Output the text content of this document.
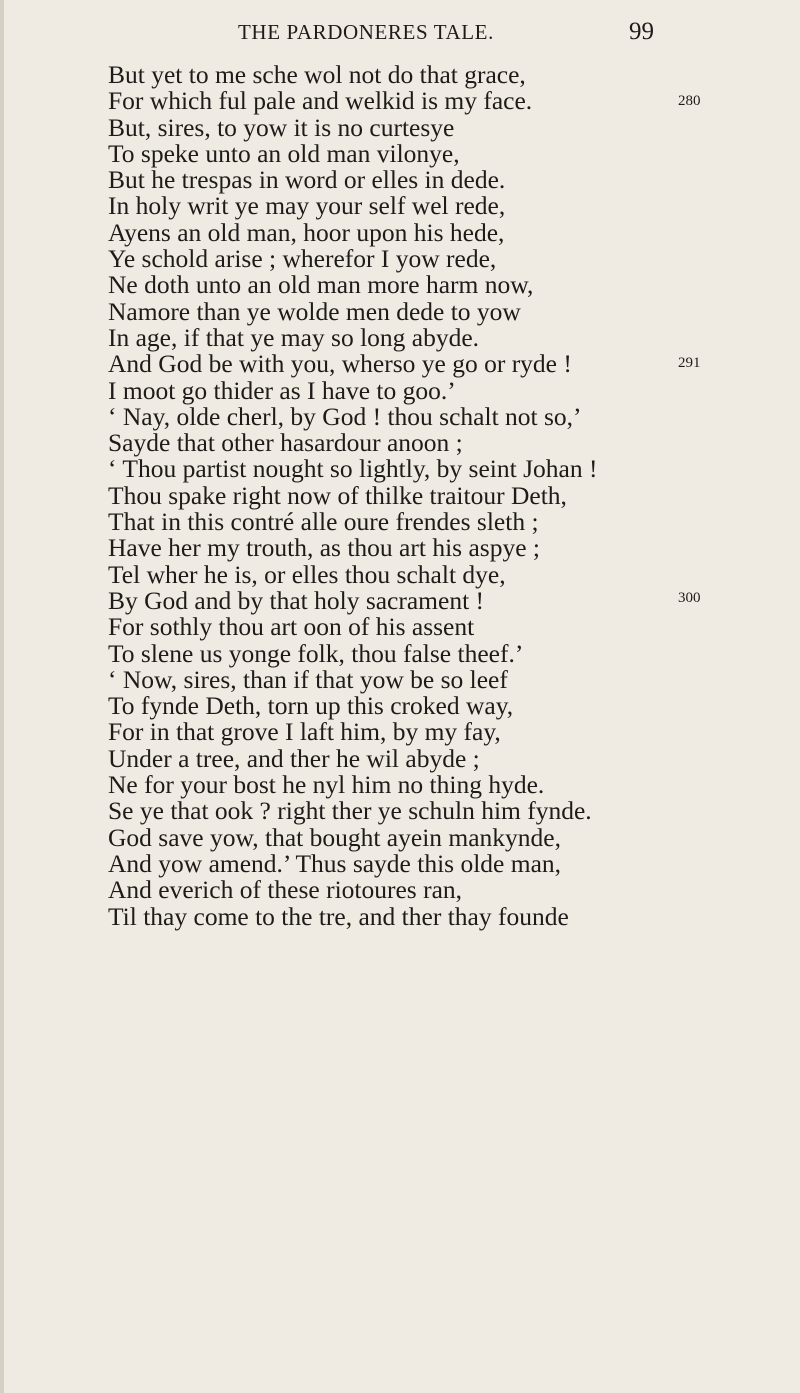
THE PARDONERES TALE.	99
But yet to me sche wol not do that grace,
For which ful pale and welkid is my face.
But, sires, to yow it is no curtesye
To speke unto an old man vilonye,
But he trespas in word or elles in dede.
In holy writ ye may your self wel rede,
Ayens an old man, hoor upon his hede,
Ye schold arise ; wherefor I yow rede,
Ne doth unto an old man more harm now,
Namore than ye wolde men dede to yow
In age, if that ye may so long abyde.
And God be with you, wherso ye go or ryde !
I moot go thider as I have to goo.’
‘ Nay, olde cherl, by God ! thou schalt not so,’
Sayde that other hasardour anoon ;
‘ Thou partist nought so lightly, by seint Johan !
Thou spake right now of thilke traitour Deth,
That in this contré alle oure frendes sleth ;
Have her my trouth, as thou art his aspye ;
Tel wher he is, or elles thou schalt dye,
By God and by that holy sacrament !
For sothly thou art oon of his assent
To slene us yonge folk, thou false theef.’
‘ Now, sires, than if that yow be so leef
To fynde Deth, torn up this croked way,
For in that grove I laft him, by my fay,
Under a tree, and ther he wil abyde ;
Ne for your bost he nyl him no thing hyde.
Se ye that ook ? right ther ye schuln him fynde.
God save yow, that bought ayein mankynde,
And yow amend.’ Thus sayde this olde man,
And everich of these riotoures ran,
Til thay come to the tre, and ther thay founde
280
291
300
